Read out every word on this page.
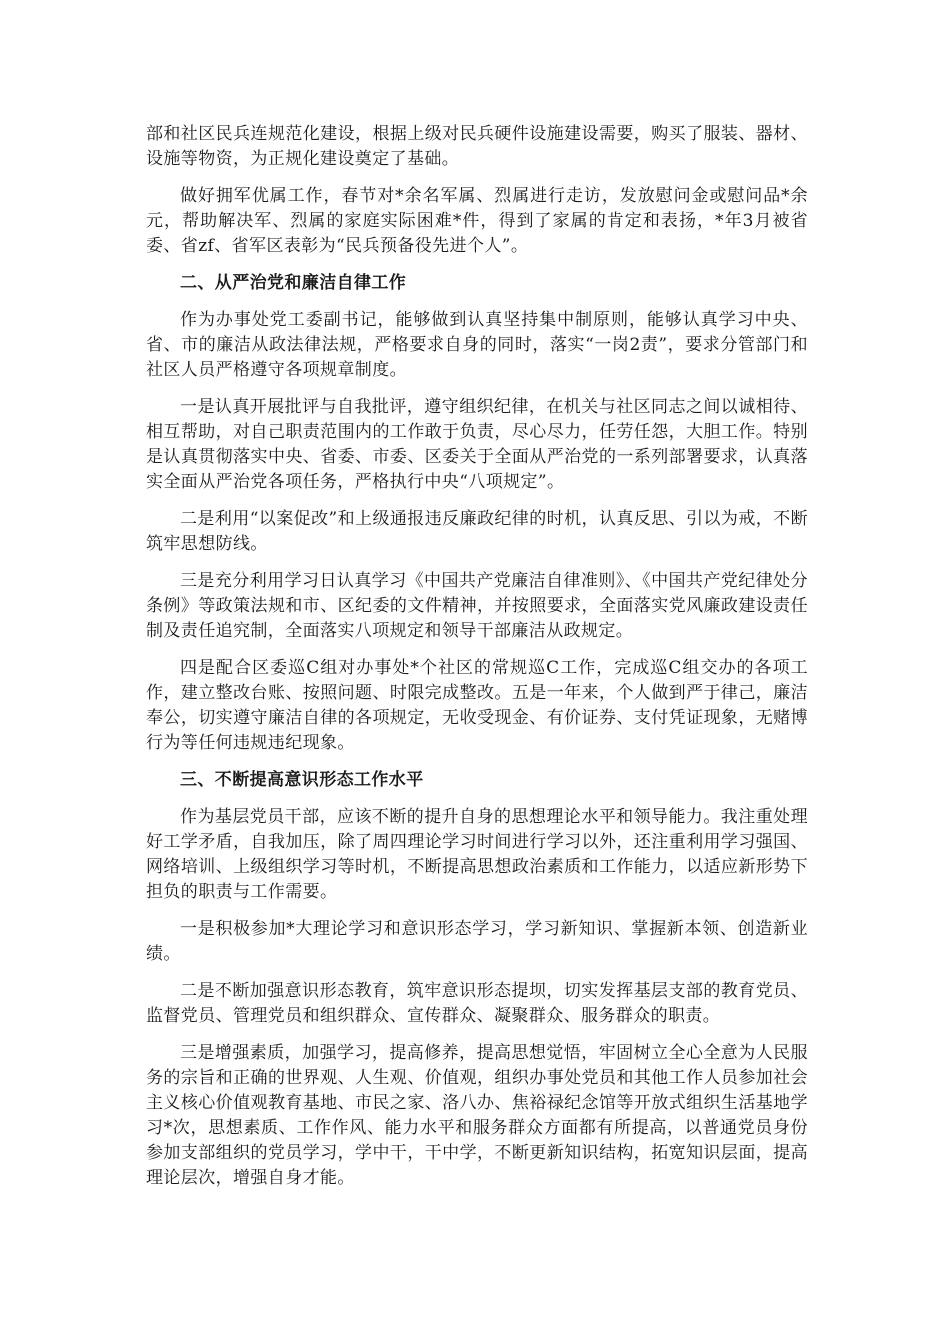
部和社区民兵连规范化建设，根据上级对民兵硬件设施建设需要，购买了服装、器材、设施等物资，为正规化建设奠定了基础。

做好拥军优属工作，春节对*余名军属、烈属进行走访，发放慰问金或慰问品*余元，帮助解决军、烈属的家庭实际困难*件，得到了家属的肯定和表扬，*年3月被省委、省zf、省军区表彰为“民兵预备役先进个人”。

二、从严治党和廉洁自律工作

作为办事处党工委副书记，能够做到认真坚持集中制原则，能够认真学习中央、省、市的廉洁从政法律法规，严格要求自身的同时，落实“一岗2责”，要求分管部门和社区人员严格遵守各项规章制度。

一是认真开展批评与自我批评，遵守组织纪律，在机关与社区同志之间以诚相待、相互帮助，对自己职责范围内的工作敢于负责，尽心尽力，任劳任怨，大胆工作。特别是认真贯彻落实中央、省委、市委、区委关于全面从严治党的一系列部署要求，认真落实全面从严治党各项任务，严格执行中央“八项规定”。

二是利用“以案促改”和上级通报违反廉政纪律的时机，认真反思、引以为戒，不断筑牢思想防线。

三是充分利用学习日认真学习《中国共产党廉洁自律准则》、《中国共产党纪律处分条例》等政策法规和市、区纪委的文件精神，并按照要求，全面落实党风廉政建设责任制及责任追究制，全面落实八项规定和领导干部廉洁从政规定。

四是配合区委巡C组对办事处*个社区的常规巡C工作，完成巡C组交办的各项工作，建立整改台账、按照问题、时限完成整改。五是一年来，个人做到严于律己，廉洁奉公，切实遵守廉洁自律的各项规定，无收受现金、有价证券、支付凭证现象，无赌博行为等任何违规违纪现象。

三、不断提高意识形态工作水平

作为基层党员干部，应该不断的提升自身的思想理论水平和领导能力。我注重处理好工学矛盾，自我加压，除了周四理论学习时间进行学习以外，还注重利用学习强国、网络培训、上级组织学习等时机，不断提高思想政治素质和工作能力，以适应新形势下担负的职责与工作需要。

一是积极参加*大理论学习和意识形态学习，学习新知识、掌握新本领、创造新业绩。

二是不断加强意识形态教育，筑牢意识形态提坝，切实发挥基层支部的教育党员、监督党员、管理党员和组织群众、宣传群众、凝聚群众、服务群众的职责。

三是增强素质，加强学习，提高修养，提高思想觉悟，牢固树立全心全意为人民服务的宗旨和正确的世界观、人生观、价值观，组织办事处党员和其他工作人员参加社会主义核心价值观教育基地、市民之家、洛八办、焦裕禄纪念馆等开放式组织生活基地学习*次，思想素质、工作作风、能力水平和服务群众方面都有所提高，以普通党员身份参加支部组织的党员学习，学中干，干中学，不断更新知识结构，拓宽知识层面，提高理论层次，增强自身才能。
